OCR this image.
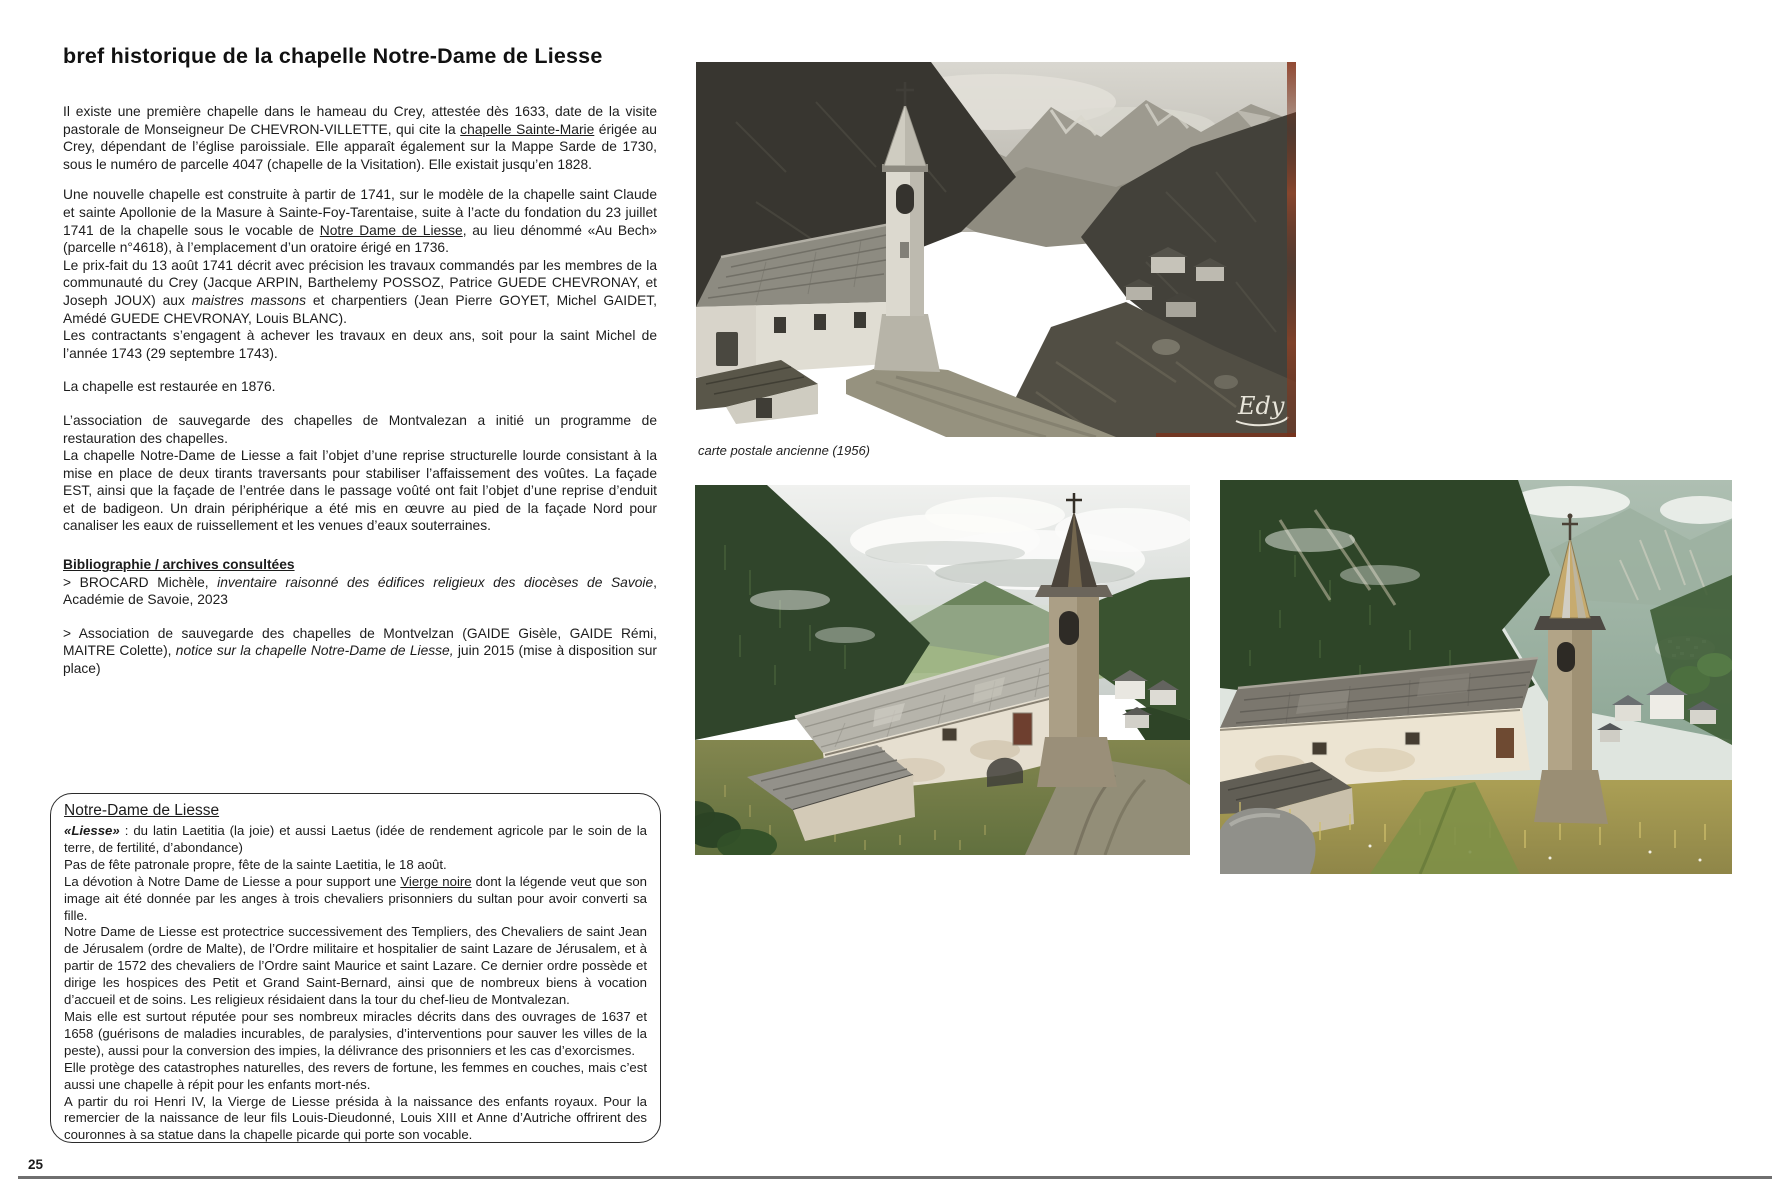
bref historique de la chapelle Notre-Dame de Liesse

Il existe une première chapelle dans le hameau du Crey, attestée dès 1633, date de la visite pastorale de Monseigneur De CHEVRON-VILLETTE, qui cite la chapelle Sainte-Marie érigée au Crey, dépendant de l’église paroissiale. Elle apparaît également sur la Mappe Sarde de 1730, sous le numéro de parcelle 4047 (chapelle de la Visitation). Elle existait jusqu’en 1828.

Une nouvelle chapelle est construite à partir de 1741, sur le modèle de la chapelle saint Claude et sainte Apollonie de la Masure à Sainte-Foy-Tarentaise, suite à l’acte du fondation du 23 juillet 1741 de la chapelle sous le vocable de Notre Dame de Liesse, au lieu dénommé «Au Bech» (parcelle n°4618), à l’emplacement d’un oratoire érigé en 1736.

Le prix-fait du 13 août 1741 décrit avec précision les travaux commandés par les membres de la communauté du Crey (Jacque ARPIN, Barthelemy POSSOZ, Patrice GUEDE CHEVRONAY, et Joseph JOUX) aux maistres massons et charpentiers (Jean Pierre GOYET, Michel GAIDET, Amédé GUEDE CHEVRONAY, Louis BLANC).

Les contractants s’engagent à achever les travaux en deux ans, soit pour la saint Michel de l’année 1743 (29 septembre 1743).

La chapelle est restaurée en 1876.

L’association de sauvegarde des chapelles de Montvalezan a initié un programme de restauration des chapelles.

La chapelle Notre-Dame de Liesse a fait l’objet d’une reprise structurelle lourde consistant à la mise en place de deux tirants traversants pour stabiliser l’affaissement des voûtes. La façade EST, ainsi que la façade de l’entrée dans le passage voûté ont fait l’objet d’une reprise d’enduit et de badigeon. Un drain périphérique a été mis en œuvre au pied de la façade Nord pour canaliser les eaux de ruissellement et les venues d’eaux souterraines.

Bibliographie / archives consultées

> BROCARD Michèle, inventaire raisonné des édifices religieux des diocèses de Savoie, Académie de Savoie, 2023

> Association de sauvegarde des chapelles de Montvelzan (GAIDE Gisèle, GAIDE Rémi, MAITRE Colette), notice sur la chapelle Notre-Dame de Liesse, juin 2015 (mise à disposition sur place)

Notre-Dame de Liesse

«Liesse» : du latin Laetitia (la joie) et aussi Laetus (idée de rendement agricole par le soin de la terre, de fertilité, d’abondance)

Pas de fête patronale propre, fête de la sainte Laetitia, le 18 août.

La dévotion à Notre Dame de Liesse a pour support une Vierge noire dont la légende veut que son image ait été donnée par les anges à trois chevaliers prisonniers du sultan pour avoir converti sa fille.

Notre Dame de Liesse est protectrice successivement des Templiers, des Chevaliers de saint Jean de Jérusalem (ordre de Malte), de l’Ordre militaire et hospitalier de saint Lazare de Jérusalem, et à partir de 1572 des chevaliers de l’Ordre saint Maurice et saint Lazare. Ce dernier ordre possède et dirige les hospices des Petit et Grand Saint-Bernard, ainsi que de nombreux biens à vocation d’accueil et de soins. Les religieux résidaient dans la tour du chef-lieu de Montvalezan.

Mais elle est surtout réputée pour ses nombreux miracles décrits dans des ouvrages de 1637 et 1658 (guérisons de maladies incurables, de paralysies, d’interventions pour sauver les villes de la peste), aussi pour la conversion des impies, la délivrance des prisonniers et les cas d’exorcismes.

Elle protège des catastrophes naturelles, des revers de fortune, les femmes en couches, mais c’est aussi une chapelle à répit pour les enfants mort-nés.

A partir du roi Henri IV, la Vierge de Liesse présida à la naissance des enfants royaux. Pour la remercier de la naissance de leur fils Louis-Dieudonné, Louis XIII et Anne d’Autriche offrirent des couronnes à sa statue dans la chapelle picarde qui porte son vocable.

Edy
carte postale ancienne (1956)
25
